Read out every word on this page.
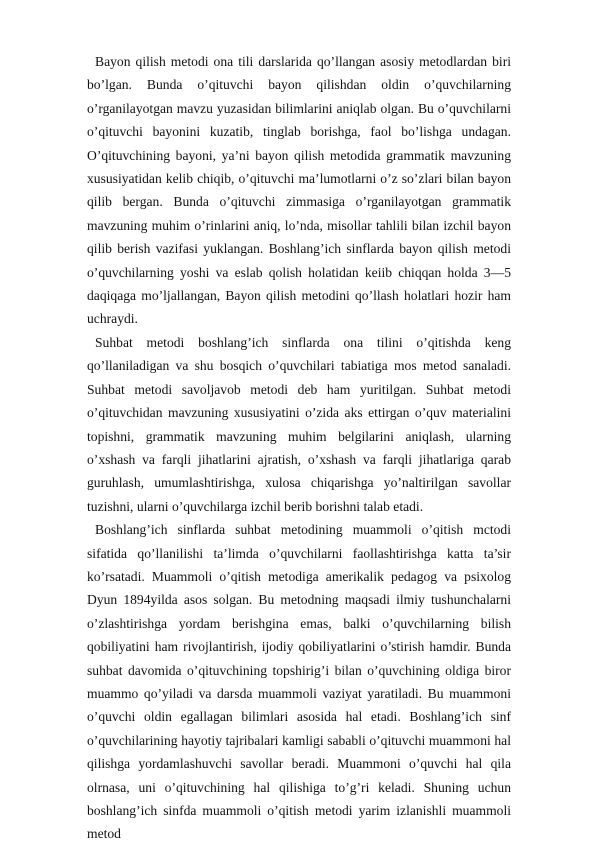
Bayon qilish metodi ona tili darslarida qo’llangan asosiy metodlardan biri bo’lgan. Bunda o’qituvchi bayon qilishdan oldin o’quvchilarning o’rganilayotgan mavzu yuzasidan bilimlarini aniqlab olgan. Bu o’quvchilarni o’qituvchi bayonini kuzatib, tinglab borishga, faol bo’lishga undagan. O’qituvchining bayoni, ya’ni bayon qilish metodida grammatik mavzuning xususiyatidan kelib chiqib, o’qituvchi ma’lumotlarni o’z so’zlari bilan bayon qilib bergan. Bunda o’qituvchi zimmasiga o’rganilayotgan grammatik mavzuning muhim o’rinlarini aniq, lo’nda, misollar tahlili bilan izchil bayon qilib berish vazifasi yuklangan. Boshlang’ich sinflarda bayon qilish metodi o’quvchilarning yoshi va eslab qolish holatidan keiib chiqqan holda 3—5 daqiqaga mo’ljallangan, Bayon qilish metodini qo’llash holatlari hozir ham uchraydi.

Suhbat metodi boshlang’ich sinflarda ona tilini o’qitishda keng qo’llaniladigan va shu bosqich o’quvchilari tabiatiga mos metod sanaladi. Suhbat metodi savoljavob metodi deb ham yuritilgan. Suhbat metodi o’qituvchidan mavzuning xususiyatini o’zida aks ettirgan o’quv materialini topishni, grammatik mavzuning muhim belgilarini aniqlash, ularning o’xshash va farqli jihatlarini ajratish, o’xshash va farqli jihatlariga qarab guruhlash, umumlashtirishga, xulosa chiqarishga yo’naltirilgan savollar tuzishni, ularni o’quvchilarga izchil berib borishni talab etadi.

Boshlang’ich sinflarda suhbat metodining muammoli o’qitish mctodi sifatida qo’llanilishi ta’limda o’quvchilarni faollashtirishga katta ta’sir ko’rsatadi. Muammoli o’qitish metodiga amerikalik pedagog va psixolog Dyun 1894yilda asos solgan. Bu metodning maqsadi ilmiy tushunchalarni o’zlashtirishga yordam berishgina emas, balki o’quvchilarning bilish qobiliyatini ham rivojlantirish, ijodiy qobiliyatlarini o’stirish hamdir. Bunda suhbat davomida o’qituvchining topshirig’i bilan o’quvchining oldiga biror muammo qo’yiladi va darsda muammoli vaziyat yaratiladi. Bu muammoni o’quvchi oldin egallagan bilimlari asosida hal etadi. Boshlang’ich sinf o’quvchilarining hayotiy tajribalari kamligi sababli o’qituvchi muammoni hal qilishga yordamlashuvchi savollar beradi. Muammoni o’quvchi hal qila olrnasa, uni o’qituvchining hal qilishiga to’g’ri keladi. Shuning uchun boshlang’ich sinfda muammoli o’qitish metodi yarim izlanishli muammoli metod
